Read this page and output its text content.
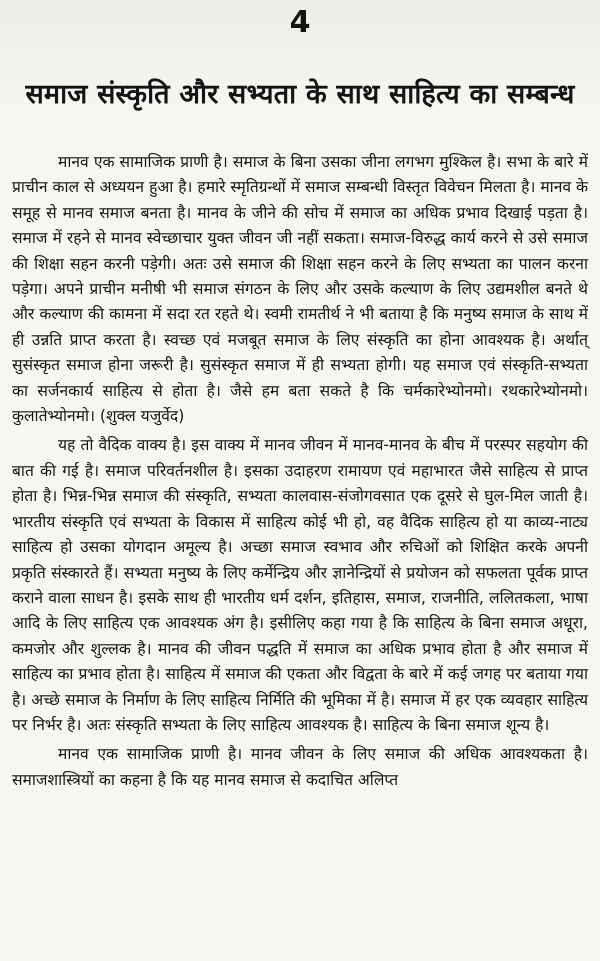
4
समाज संस्कृति और सभ्यता के साथ साहित्य का सम्बन्ध

मानव एक सामाजिक प्राणी है। समाज के बिना उसका जीना लगभग मुश्किल है। सभा के बारे में प्राचीन काल से अध्ययन हुआ है। हमारे स्मृतिग्रन्थों में समाज सम्बन्धी विस्तृत विवेचन मिलता है। मानव के समूह से मानव समाज बनता है। मानव के जीने की सोच में समाज का अधिक प्रभाव दिखाई पड़ता है। समाज में रहने से मानव स्वेच्छाचार युक्त जीवन जी नहीं सकता। समाज-विरुद्ध कार्य करने से उसे समाज की शिक्षा सहन करनी पड़ेगी। अतः उसे समाज की शिक्षा सहन करने के लिए सभ्यता का पालन करना पड़ेगा। अपने प्राचीन मनीषी भी समाज संगठन के लिए और उसके कल्याण के लिए उद्यमशील बनते थे और कल्याण की कामना में सदा रत रहते थे। स्वमी रामतीर्थ ने भी बताया है कि मनुष्य समाज के साथ में ही उन्नति प्राप्त करता है। स्वच्छ एवं मजबूत समाज के लिए संस्कृति का होना आवश्यक है। अर्थात् सुसंस्कृत समाज होना जरूरी है। सुसंस्कृत समाज में ही सभ्यता होगी। यह समाज एवं संस्कृति-सभ्यता का सर्जनकार्य साहित्य से होता है। जैसे हम बता सकते है कि चर्मकारेभ्योनमो। रथकारेभ्योनमो। कुलातेभ्योनमो। (शुक्ल यजुर्वेद)

यह तो वैदिक वाक्य है। इस वाक्य में मानव जीवन में मानव-मानव के बीच में परस्पर सहयोग की बात की गई है। समाज परिवर्तनशील है। इसका उदाहरण रामायण एवं महाभारत जैसे साहित्य से प्राप्त होता है। भिन्न-भिन्न समाज की संस्कृति, सभ्यता कालवास-संजोगवसात एक दूसरे से घुल-मिल जाती है। भारतीय संस्कृति एवं सभ्यता के विकास में साहित्य कोई भी हो, वह वैदिक साहित्य हो या काव्य-नाट्य साहित्य हो उसका योगदान अमूल्य है। अच्छा समाज स्वभाव और रुचिओं को शिक्षित करके अपनी प्रकृति संस्कारते हैं। सभ्यता मनुष्य के लिए कर्मेन्द्रिय और ज्ञानेन्द्रियों से प्रयोजन को सफलता पूर्वक प्राप्त कराने वाला साधन है। इसके साथ ही भारतीय धर्म दर्शन, इतिहास, समाज, राजनीति, ललितकला, भाषा आदि के लिए साहित्य एक आवश्यक अंग है। इसीलिए कहा गया है कि साहित्य के बिना समाज अधूरा, कमजोर और शुल्लक है। मानव की जीवन पद्धति में समाज का अधिक प्रभाव होता है और समाज में साहित्य का प्रभाव होता है। साहित्य में समाज की एकता और विद्वता के बारे में कई जगह पर बताया गया है। अच्छे समाज के निर्माण के लिए साहित्य निर्मिति की भूमिका में है। समाज में हर एक व्यवहार साहित्य पर निर्भर है। अतः संस्कृति सभ्यता के लिए साहित्य आवश्यक है। साहित्य के बिना समाज शून्य है।

मानव एक सामाजिक प्राणी है। मानव जीवन के लिए समाज की अधिक आवश्यकता है। समाजशास्त्रियों का कहना है कि यह मानव समाज से कदाचित अलिप्त
